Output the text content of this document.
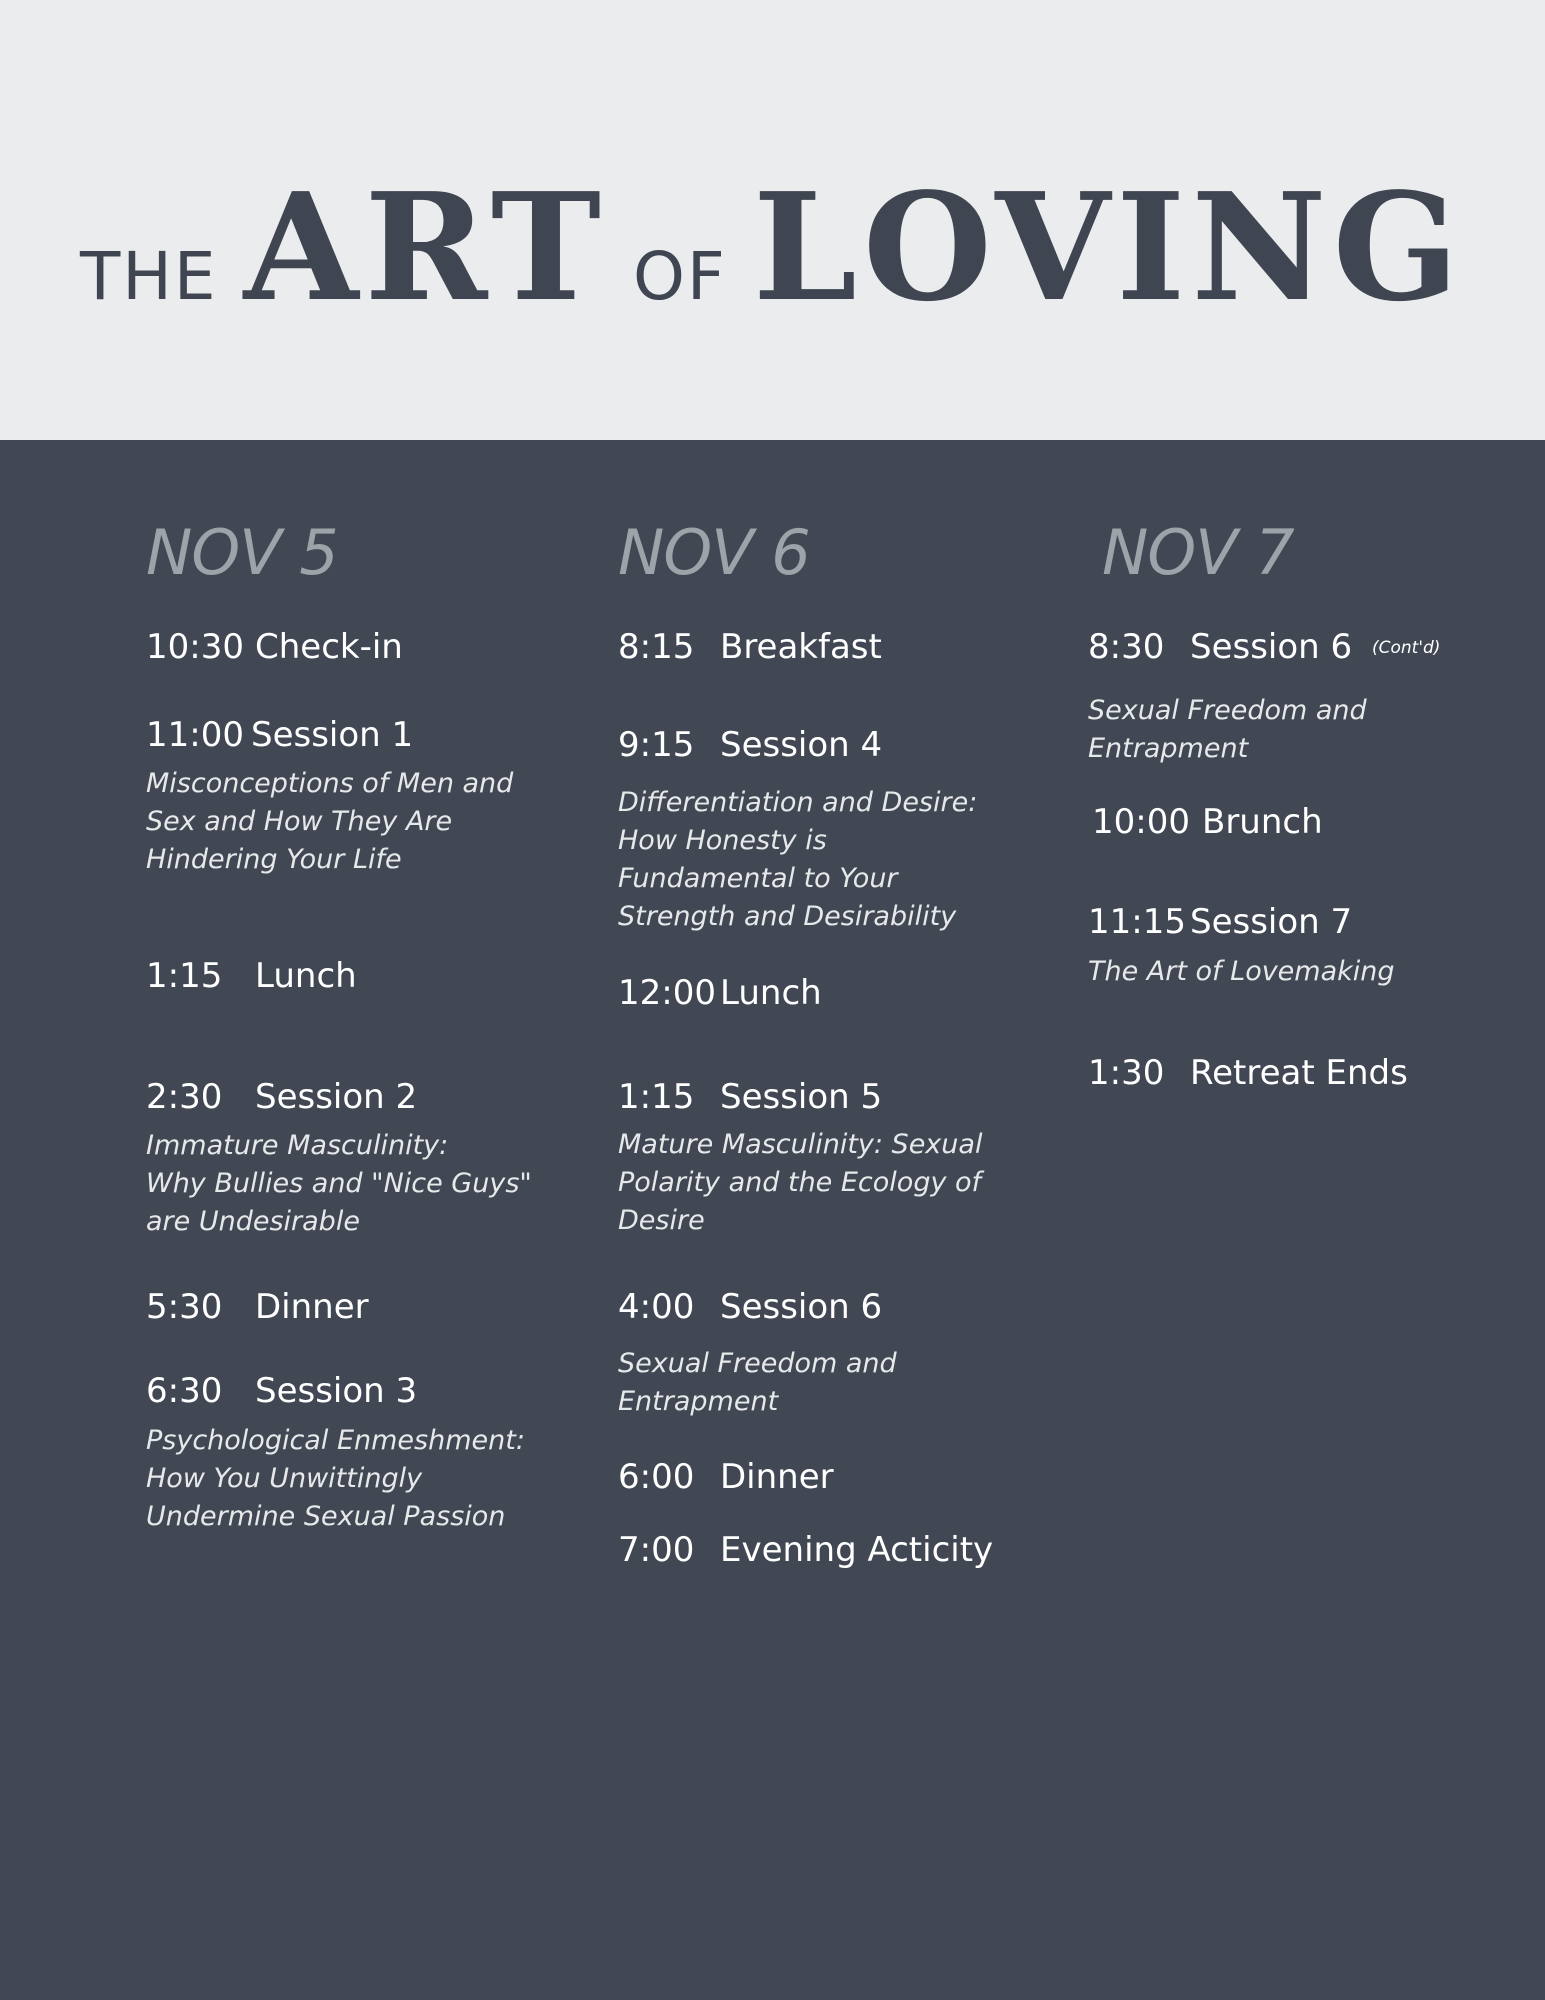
THE ART OF LOVING
NOV 5
10:30 Check-in
11:00 Session 1
Misconceptions of Men and
Sex and How They Are
Hindering Your Life
1:15 Lunch
2:30 Session 2
Immature Masculinity:
Why Bullies and "Nice Guys"
are Undesirable
5:30 Dinner
6:30 Session 3
Psychological Enmeshment:
How You Unwittingly
Undermine Sexual Passion
NOV 6
8:15 Breakfast
9:15 Session 4
Differentiation and Desire:
How Honesty is
Fundamental to Your
Strength and Desirability
12:00 Lunch
1:15 Session 5
Mature Masculinity: Sexual
Polarity and the Ecology of
Desire
4:00 Session 6
Sexual Freedom and
Entrapment
6:00 Dinner
7:00 Evening Acticity
NOV 7
8:30 Session 6 (Cont'd)
Sexual Freedom and
Entrapment
10:00 Brunch
11:15 Session 7
The Art of Lovemaking
1:30 Retreat Ends
